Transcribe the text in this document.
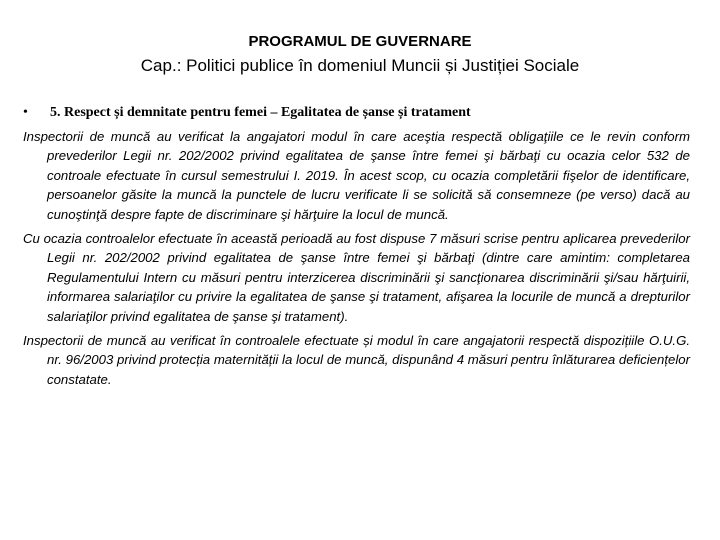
PROGRAMUL DE GUVERNARE
Cap.: Politici publice în domeniul Muncii și Justiției Sociale
• 5. Respect și demnitate pentru femei – Egalitatea de șanse și tratament

Inspectorii de muncă au verificat la angajatori modul în care aceştia respectă obligaţiile ce le revin conform prevederilor Legii nr. 202/2002 privind egalitatea de şanse între femei şi bărbaţi cu ocazia celor 532 de controale efectuate în cursul semestrului I. 2019. În acest scop, cu ocazia completării fişelor de identificare, persoanelor găsite la muncă la punctele de lucru verificate li se solicită să consemneze (pe verso) dacă au cunoştinţă despre fapte de discriminare şi hărţuire la locul de muncă.

Cu ocazia controalelor efectuate în această perioadă au fost dispuse 7 măsuri scrise pentru aplicarea prevederilor Legii nr. 202/2002 privind egalitatea de şanse între femei şi bărbaţi (dintre care amintim: completarea Regulamentului Intern cu măsuri pentru interzicerea discriminării şi sancţionarea discriminării şi/sau hărţuirii, informarea salariaţilor cu privire la egalitatea de şanse şi tratament, afişarea la locurile de muncă a drepturilor salariaţilor privind egalitatea de şanse şi tratament).

Inspectorii de muncă au verificat în controalele efectuate și modul în care angajatorii respectă dispozițiile O.U.G. nr. 96/2003 privind protecția maternității la locul de muncă, dispunând 4 măsuri pentru înlăturarea deficiențelor constatate.
